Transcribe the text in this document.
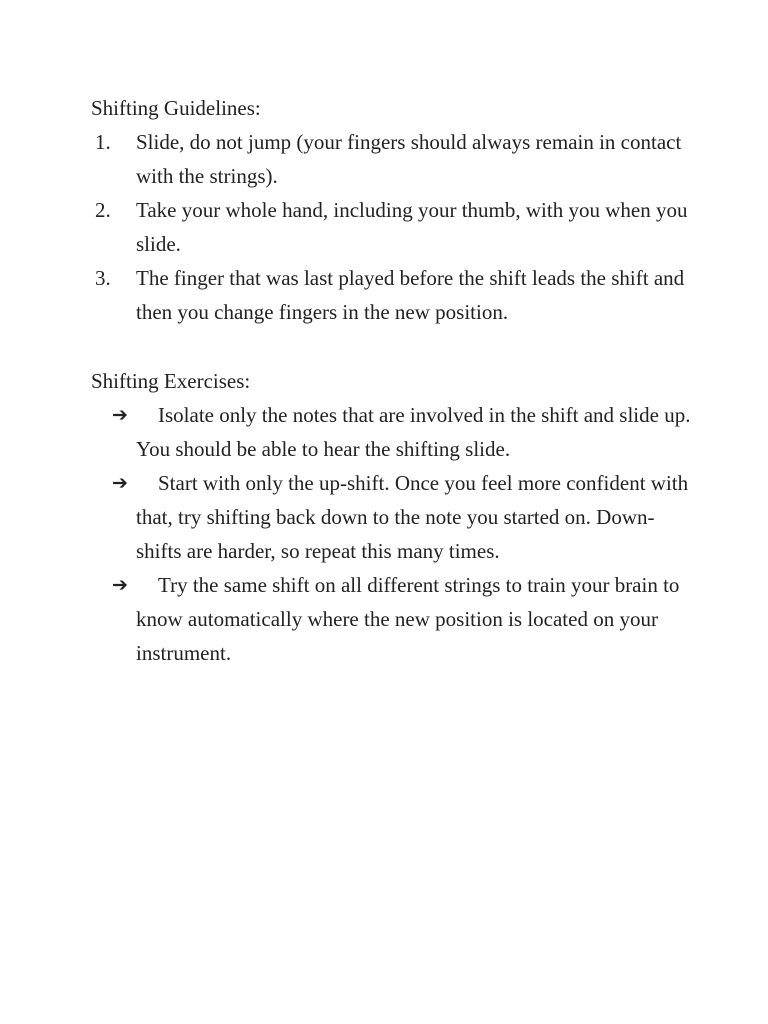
Shifting Guidelines:
1. Slide, do not jump (your fingers should always remain in contact with the strings).
2. Take your whole hand, including your thumb, with you when you slide.
3. The finger that was last played before the shift leads the shift and then you change fingers in the new position.
Shifting Exercises:
➔ Isolate only the notes that are involved in the shift and slide up. You should be able to hear the shifting slide.
➔ Start with only the up-shift. Once you feel more confident with that, try shifting back down to the note you started on. Down-shifts are harder, so repeat this many times.
➔ Try the same shift on all different strings to train your brain to know automatically where the new position is located on your instrument.
